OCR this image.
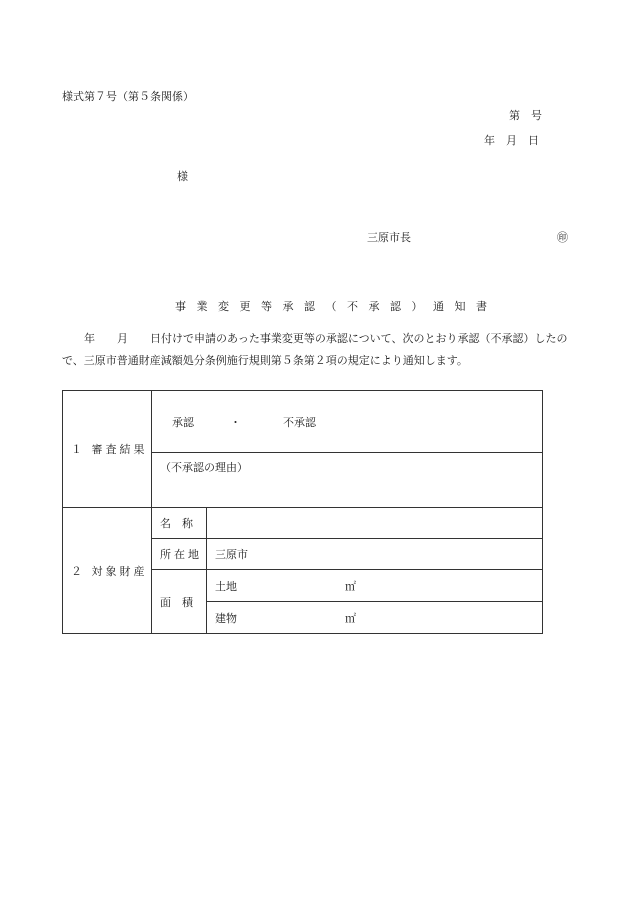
様式第７号（第５条関係）
第　号
年　月　日
様
三原市長	㊞
事業変更等承認（不承認）通知書
　　年　　月　　日付けで申請のあった事業変更等の承認について、次のとおり承認（不承認）したので、三原市普通財産減額処分条例施行規則第５条第２項の規定により通知します。
１ 審査結果	承認 ・ 不承認	

	（不承認の理由）	
２ 対象財産	名　称	
	所在地	三原市
	面　積	土地 ㎡

		建物 ㎡
